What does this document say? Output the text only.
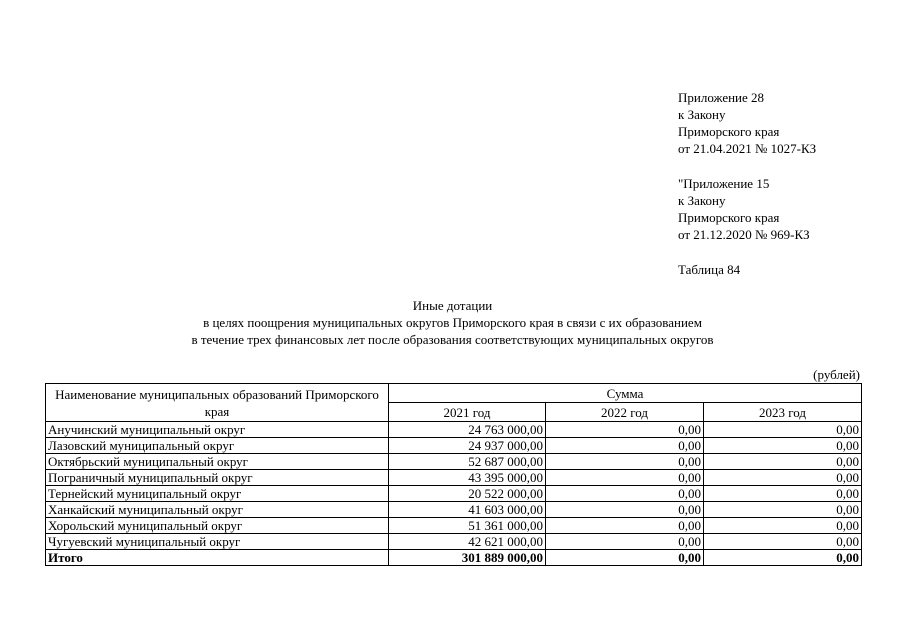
Приложение 28
к Закону
Приморского края
от 21.04.2021 № 1027-КЗ
"Приложение 15
к Закону
Приморского края
от 21.12.2020 № 969-КЗ
Таблица 84
Иные дотации
в целях поощрения муниципальных округов Приморского края в связи с их образованием
в течение трех финансовых лет после образования соответствующих муниципальных округов
(рублей)
Наименование муниципальных образований Приморского края	Сумма		
	2021 год	2022 год	2023 год
Анучинский муниципальный округ	24 763 000,00	0,00	0,00
Лазовский муниципальный округ	24 937 000,00	0,00	0,00
Октябрьский муниципальный округ	52 687 000,00	0,00	0,00
Пограничный муниципальный округ	43 395 000,00	0,00	0,00
Тернейский муниципальный округ	20 522 000,00	0,00	0,00
Ханкайский муниципальный округ	41 603 000,00	0,00	0,00
Хорольский муниципальный округ	51 361 000,00	0,00	0,00
Чугуевский муниципальный округ	42 621 000,00	0,00	0,00
Итого	301 889 000,00	0,00	0,00
